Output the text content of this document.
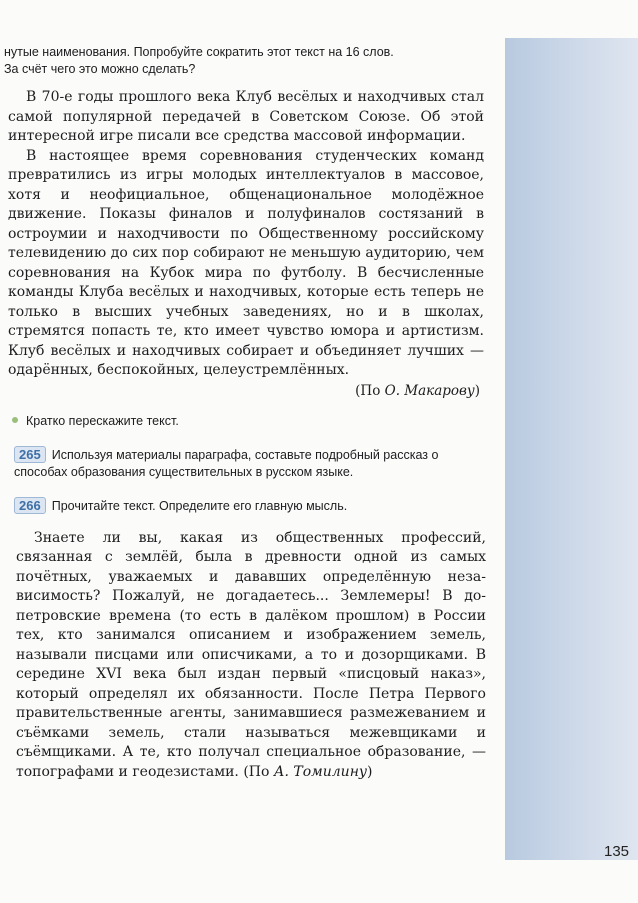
нутые наименования. Попробуйте сократить этот текст на 16 слов.
За счёт чего это можно сделать?

В 70-е годы прошлого века Клуб весёлых и находчивых стал самой популярной передачей в Советском Союзе. Об этой интересной игре писали все средства массовой информации.

В настоящее время соревнования студенческих команд превратились из игры молодых интеллектуалов в массовое, хотя и неофициальное, общенациональное молодёжное движение. Показы финалов и полуфиналов состязаний в остроумии и находчивости по Общественному российскому телевидению до сих пор собирают не меньшую аудиторию, чем соревнования на Кубок мира по футболу. В бесчисленные команды Клуба весёлых и находчивых, которые есть теперь не только в высших учебных заведениях, но и в школах, стремятся попасть те, кто имеет чувство юмора и артистизм. Клуб весёлых и находчивых собирает и объединяет лучших — одарённых, беспокойных, целеустремлённых.

(По О. Макарову)
Кратко перескажите текст.
265 Используя материалы параграфа, составьте подробный рассказ о способах образования существительных в русском языке.
266 Прочитайте текст. Определите его главную мысль.

Знаете ли вы, какая из общественных профессий, связанная с землёй, была в древности одной из самых почётных, уважаемых и дававших определённую независимость? Пожалуй, не догадаетесь... Землемеры! В допетровские времена (то есть в далёком прошлом) в России тех, кто занимался описанием и изображением земель, называли писцами или описчиками, а то и дозорщиками. В середине XVI века был издан первый «писцовый наказ», который определял их обязанности. После Петра Первого правительственные агенты, занимавшиеся размежеванием и съёмками земель, стали называться межевщиками и съёмщиками. А те, кто получал специальное образование, — топографами и геодезистами. (По А. Томилину)

135
